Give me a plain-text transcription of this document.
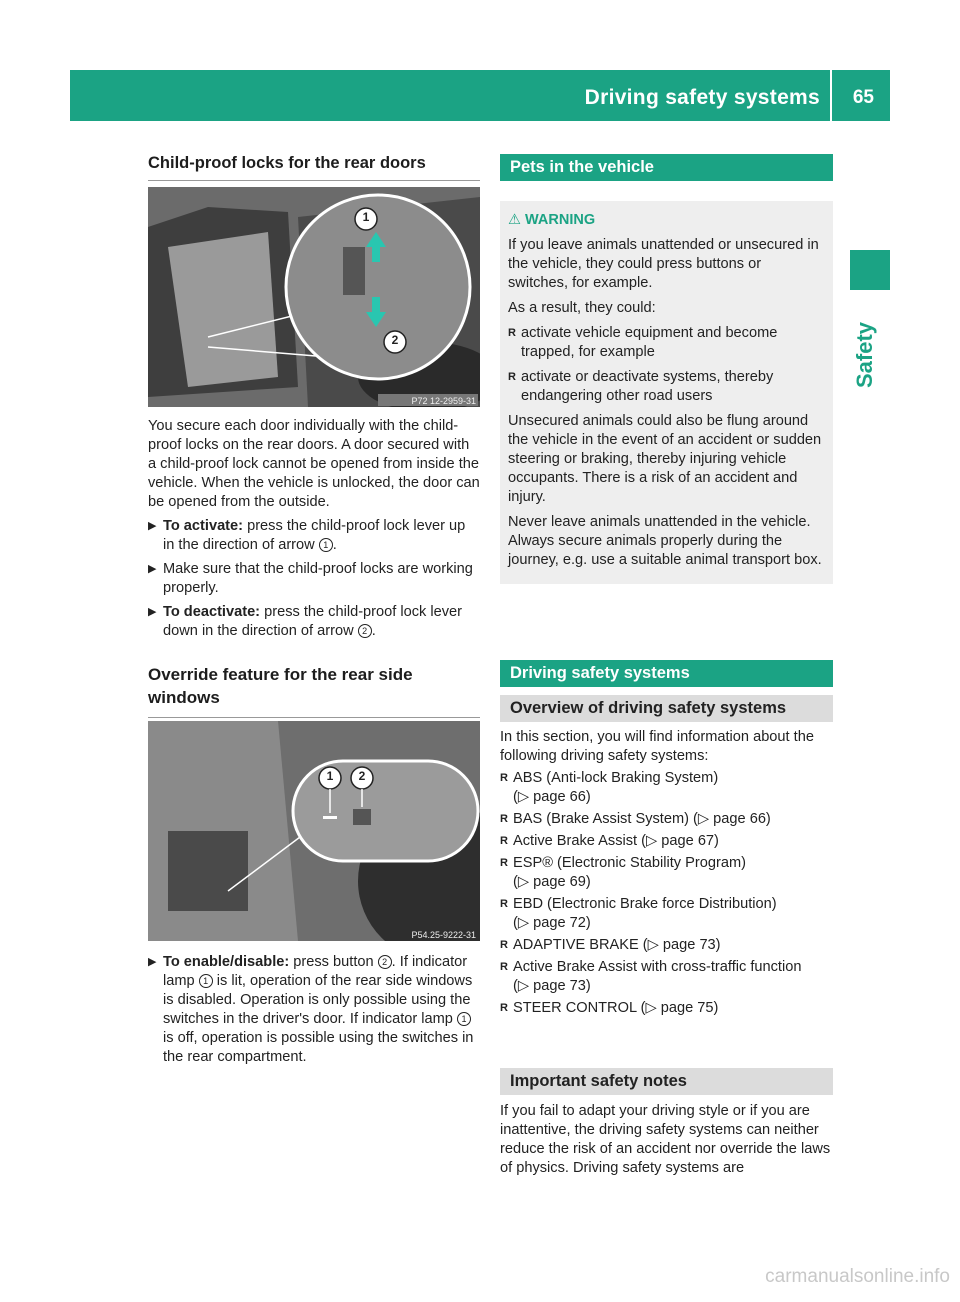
Driving safety systems 65
Safety
Child-proof locks for the rear doors
1
2
P72 12-2959-31

You secure each door individually with the child-proof locks on the rear doors. A door secured with a child-proof lock cannot be opened from inside the vehicle. When the vehicle is unlocked, the door can be opened from the outside.

▶ To activate: press the child-proof lock lever up in the direction of arrow 1 .
▶ Make sure that the child-proof locks are working properly.
▶ To deactivate: press the child-proof lock lever down in the direction of arrow 2 .
Override feature for the rear side windows
1	2
P54.25-9222-31
▶ To enable/disable: press button 2 . If indicator lamp 1 is lit, operation of the rear side windows is disabled. Operation is only possible using the switches in the driver's door. If indicator lamp 1 is off, operation is possible using the switches in the rear compartment.
Pets in the vehicle
⚠ WARNING

If you leave animals unattended or unsecured in the vehicle, they could press buttons or switches, for example.

As a result, they could:

R activate vehicle equipment and become trapped, for example
R activate or deactivate systems, thereby endangering other road users

Unsecured animals could also be flung around the vehicle in the event of an accident or sudden steering or braking, thereby injuring vehicle occupants. There is a risk of an accident and injury.

Never leave animals unattended in the vehicle. Always secure animals properly during the journey, e.g. use a suitable animal transport box.

Driving safety systems
Overview of driving safety systems

In this section, you will find information about the following driving safety systems:

R ABS (Anti-lock Braking System)
(▷ page 66)
R BAS (Brake Assist System) (▷ page 66)
R Active Brake Assist (▷ page 67)
R ESP® (Electronic Stability Program)
(▷ page 69)
R EBD (Electronic Brake force Distribution)
(▷ page 72)
R ADAPTIVE BRAKE (▷ page 73)
R Active Brake Assist with cross-traffic function
(▷ page 73)
R STEER CONTROL (▷ page 75)
Important safety notes

If you fail to adapt your driving style or if you are inattentive, the driving safety systems can neither reduce the risk of an accident nor override the laws of physics. Driving safety systems are

carmanualsonline.info
